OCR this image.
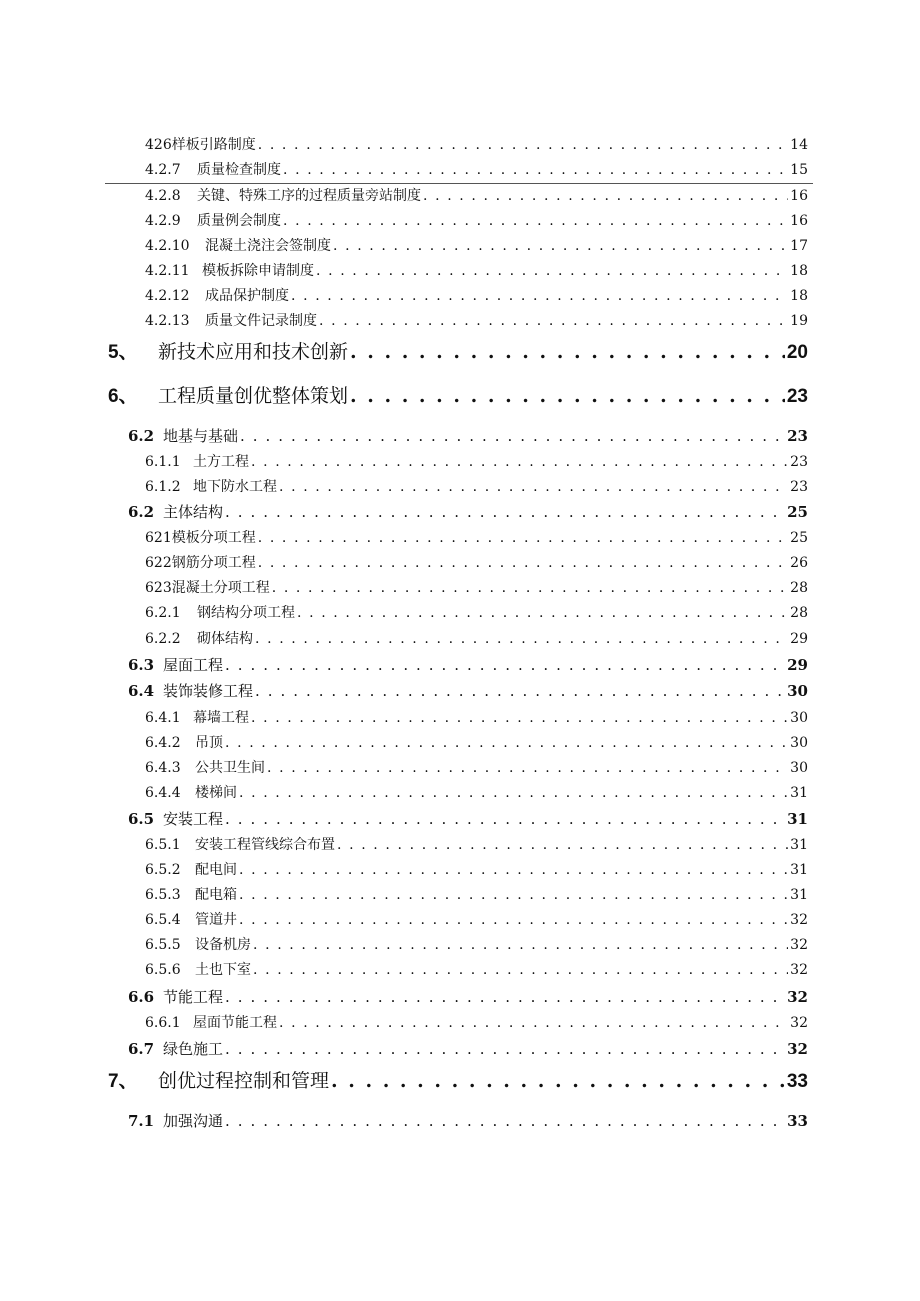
426样板引路制度 . . .	14
4.2.7	质量检查制度 . . .	15
4.2.8	关键、特殊工序的过程质量旁站制度 . . .	16
4.2.9	质量例会制度 . . .	16
4.2.10	混凝土浇注会签制度 . . .	17
4.2.11 模板拆除申请制度 . . .	18
4.2.12	成品保护制度 . . .	18
4.2.13	质量文件记录制度 . . .	19
5、	新技术应用和技术创新 . . .	20
6、	工程质量创优整体策划 . . .	23
6.2 地基与基础 . . .	23
6.1.1 土方工程 . . .	23
6.1.2 地下防水工程 . . .	23
6.2 主体结构 . . .	25
621模板分项工程 . . .	25
622钢筋分项工程 . . .	26
623混凝土分项工程 . . .	28
6.2.1	钢结构分项工程 . . .	28
6.2.2	砌体结构 . . .	29
6.3 屋面工程 . . .	29
6.4 装饰装修工程 . . .	30
6.4.1 幕墙工程 . . .	30
6.4.2	吊顶 . . .	30
6.4.3	公共卫生间 . . .	30
6.4.4	楼梯间 . . .	31
6.5 安装工程 . . .	31
6.5.1	安装工程管线综合布置 . . .	31
6.5.2	配电间 . . .	31
6.5.3	配电箱 . . .	31
6.5.4	管道井 . . .	32
6.5.5	设备机房 . . .	32
6.5.6	土也下室 . . .	32
6.6 节能工程 . . .	32
6.6.1 屋面节能工程 . . .	32
6.7 绿色施工 . . .	32
7、	创优过程控制和管理 . . .	33
7.1 加强沟通 . . .	33
